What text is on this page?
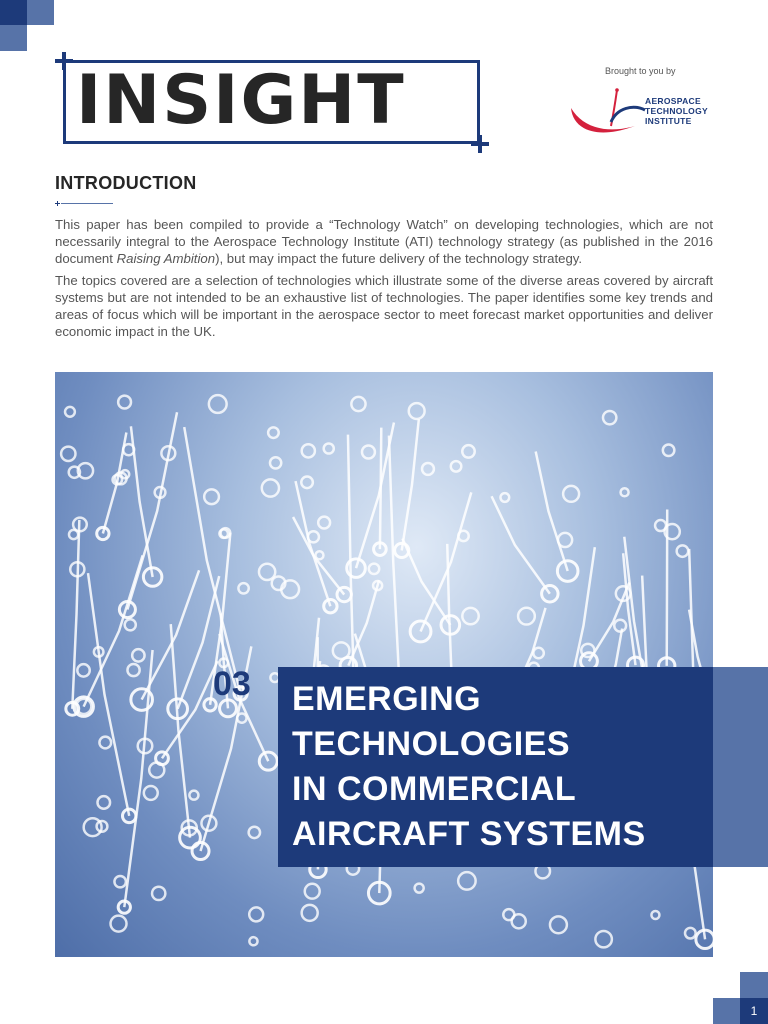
INSIGHT	Brought to you by
AEROSPACE
TECHNOLOGY
INSTITUTE
INTRODUCTION

This paper has been compiled to provide a “Technology Watch” on developing technologies, which are not necessarily integral to the Aerospace Technology Institute (ATI) technology strategy (as published in the 2016 document Raising Ambition), but may impact the future delivery of the technology strategy.

The topics covered are a selection of technologies which illustrate some of the diverse areas covered by aircraft systems but are not intended to be an exhaustive list of technologies. The paper identifies some key trends and areas of focus which will be important in the aerospace sector to meet forecast market opportunities and deliver economic impact in the UK.

03 EMERGING
TECHNOLOGIES
IN COMMERCIAL
AIRCRAFT SYSTEMS
1
